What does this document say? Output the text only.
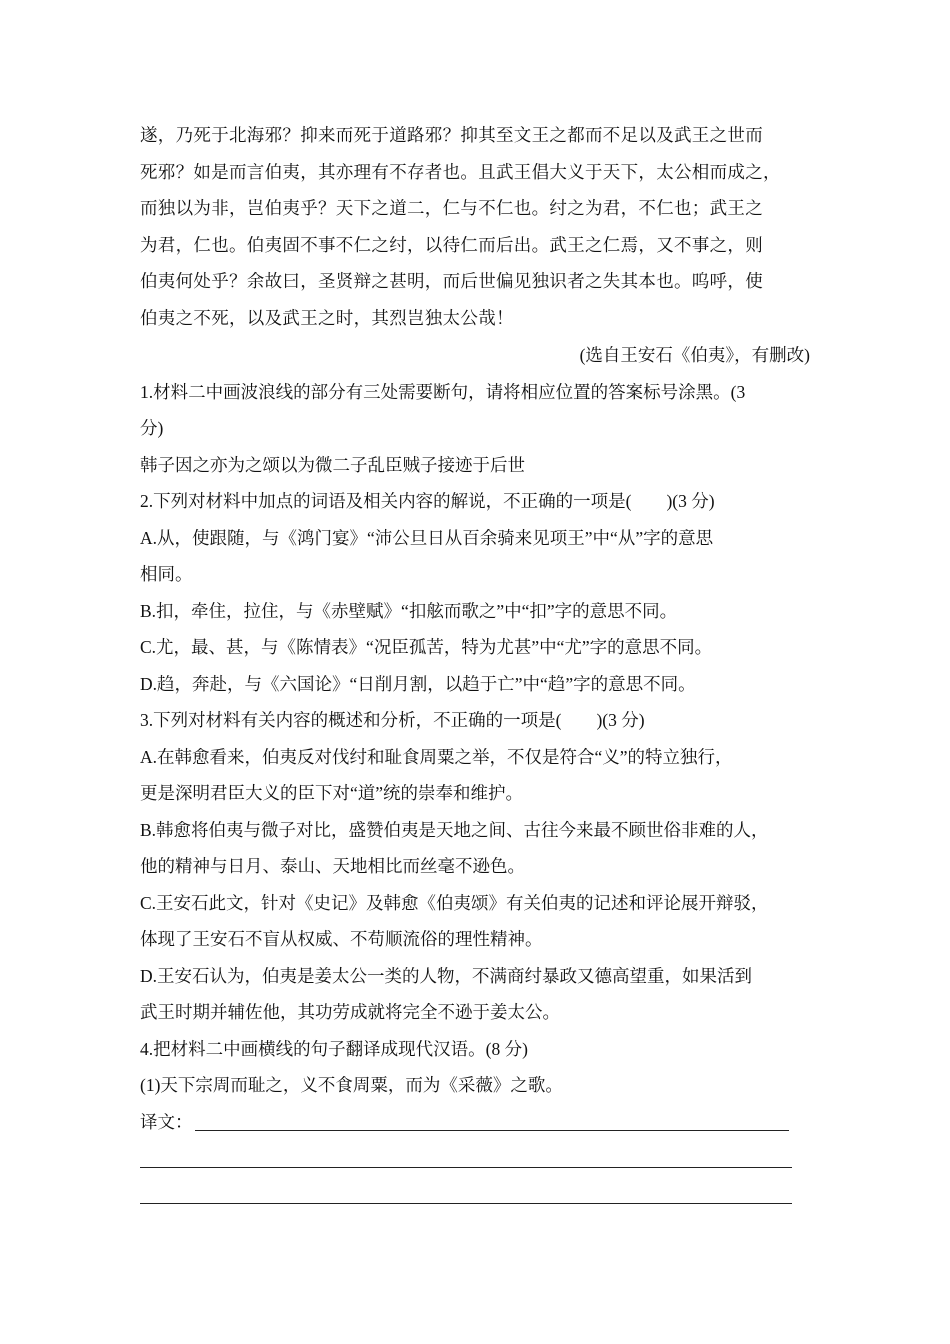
遂，乃死于北海邪？抑来而死于道路邪？抑其至文王之都而不足以及武王之世而
死邪？如是而言伯夷，其亦理有不存者也。且武王倡大义于天下，太公相而成之，
而独以为非，岂伯夷乎？天下之道二，仁与不仁也。纣之为君，不仁也；武王之
为君，仁也。伯夷固不事不仁之纣，以待仁而后出。武王之仁焉，又不事之，则
伯夷何处乎？余故曰，圣贤辩之甚明，而后世偏见独识者之失其本也。呜呼，使
伯夷之不死，以及武王之时，其烈岂独太公哉！
(选自王安石《伯夷》，有删改)
1.材料二中画波浪线的部分有三处需要断句，请将相应位置的答案标号涂黑。(3
分)
韩子因之亦为之颂以为微二子乱臣贼子接迹于后世
2.下列对材料中加点的词语及相关内容的解说，不正确的一项是(　　)(3 分)
A.从，使跟随，与《鸿门宴》“沛公旦日从百余骑来见项王”中“从”字的意思
相同。
B.扣，牵住，拉住，与《赤壁赋》“扣舷而歌之”中“扣”字的意思不同。
C.尤，最、甚，与《陈情表》“况臣孤苦，特为尤甚”中“尤”字的意思不同。
D.趋，奔赴，与《六国论》“日削月割，以趋于亡”中“趋”字的意思不同。
3.下列对材料有关内容的概述和分析，不正确的一项是(　　)(3 分)
A.在韩愈看来，伯夷反对伐纣和耻食周粟之举，不仅是符合“义”的特立独行，
更是深明君臣大义的臣下对“道”统的崇奉和维护。
B.韩愈将伯夷与微子对比，盛赞伯夷是天地之间、古往今来最不顾世俗非难的人，
他的精神与日月、泰山、天地相比而丝毫不逊色。
C.王安石此文，针对《史记》及韩愈《伯夷颂》有关伯夷的记述和评论展开辩驳，
体现了王安石不盲从权威、不苟顺流俗的理性精神。
D.王安石认为，伯夷是姜太公一类的人物，不满商纣暴政又德高望重，如果活到
武王时期并辅佐他，其功劳成就将完全不逊于姜太公。
4.把材料二中画横线的句子翻译成现代汉语。(8 分)
(1)天下宗周而耻之，义不食周粟，而为《采薇》之歌。
译文：
